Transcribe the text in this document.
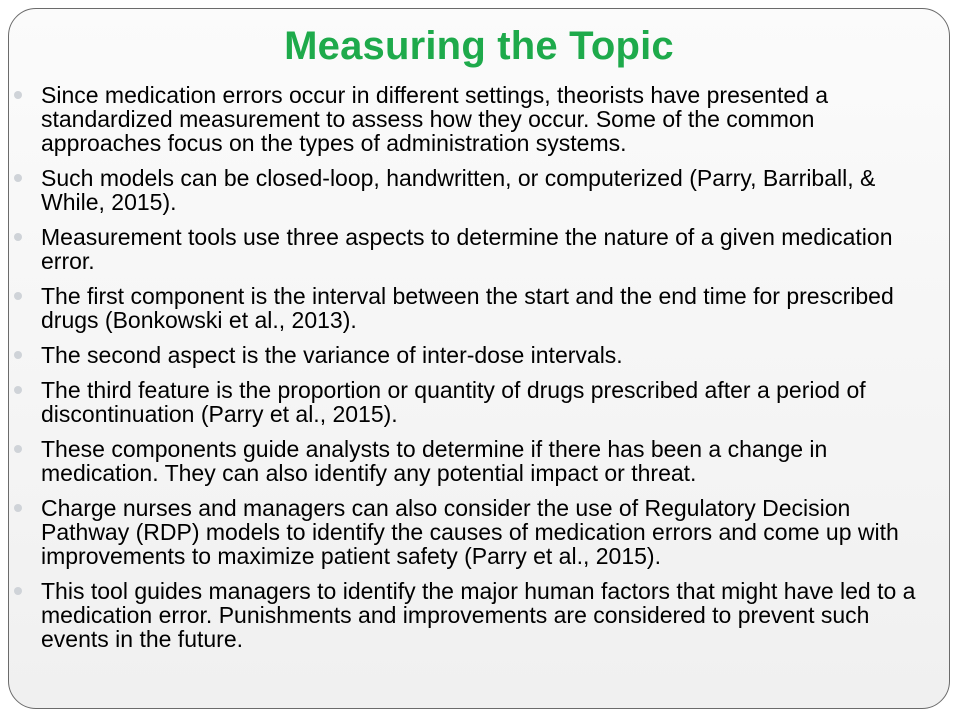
Measuring the Topic
Since medication errors occur in different settings, theorists have presented a standardized measurement to assess how they occur. Some of the common approaches focus on the types of administration systems.
Such models can be closed-loop, handwritten, or computerized (Parry, Barriball, & While, 2015).
Measurement tools use three aspects to determine the nature of a given medication error.
The first component is the interval between the start and the end time for prescribed drugs (Bonkowski et al., 2013).
The second aspect is the variance of inter-dose intervals.
The third feature is the proportion or quantity of drugs prescribed after a period of discontinuation (Parry et al., 2015).
These components guide analysts to determine if there has been a change in medication. They can also identify any potential impact or threat.
Charge nurses and managers can also consider the use of Regulatory Decision Pathway (RDP) models to identify the causes of medication errors and come up with improvements to maximize patient safety (Parry et al., 2015).
This tool guides managers to identify the major human factors that might have led to a medication error. Punishments and improvements are considered to prevent such events in the future.
